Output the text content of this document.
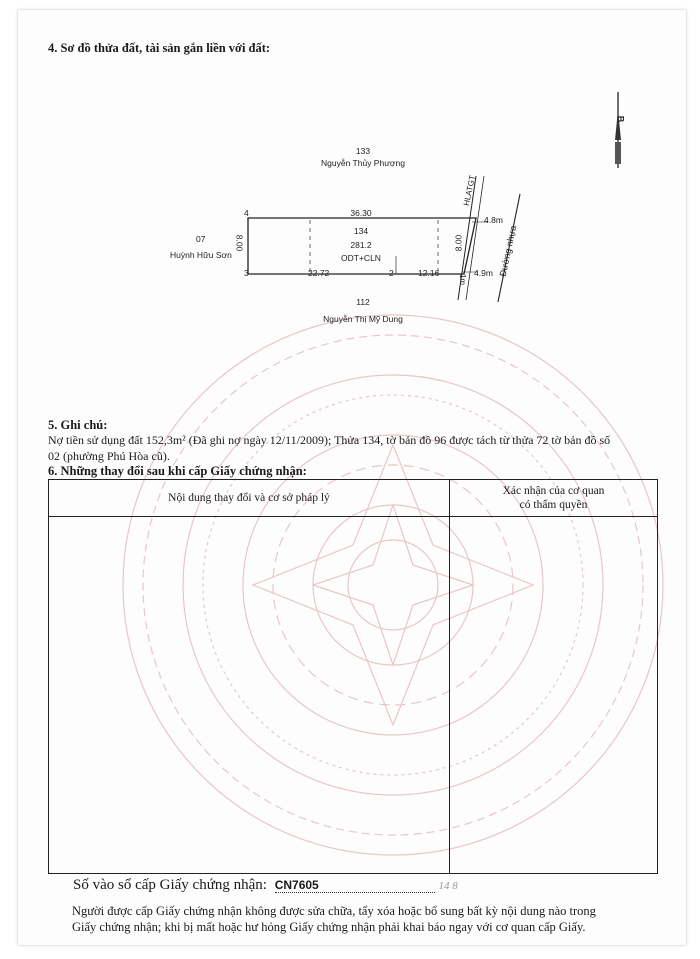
4. Sơ đồ thửa đất, tài sản gắn liền với đất:
B
133
Nguyễn Thủy Phượng
07
Huỳnh Hữu Sơn
4
3	2
36.30
8.00	8.00
22.72	12.16
134
281.2
ODT+CLN
HLATGT
1m
4.8m
4.9m Đường nhựa
112
Nguyễn Thị Mỹ Dung
5. Ghi chú:
Nợ tiền sử dụng đất 152,3m² (Đã ghi nợ ngày 12/11/2009); Thửa 134, tờ bản đồ 96 được tách từ thửa 72 tờ bản đồ số
02 (phường Phú Hòa cũ).
6. Những thay đổi sau khi cấp Giấy chứng nhận:
Nội dung thay đổi và cơ sở pháp lý	Xác nhận của cơ quan
có thẩm quyền

Số vào sổ cấp Giấy chứng nhận: CN7605	14 8
Người được cấp Giấy chứng nhận không được sửa chữa, tẩy xóa hoặc bổ sung bất kỳ nội dung nào trong
Giấy chứng nhận; khi bị mất hoặc hư hỏng Giấy chứng nhận phải khai báo ngay với cơ quan cấp Giấy.
